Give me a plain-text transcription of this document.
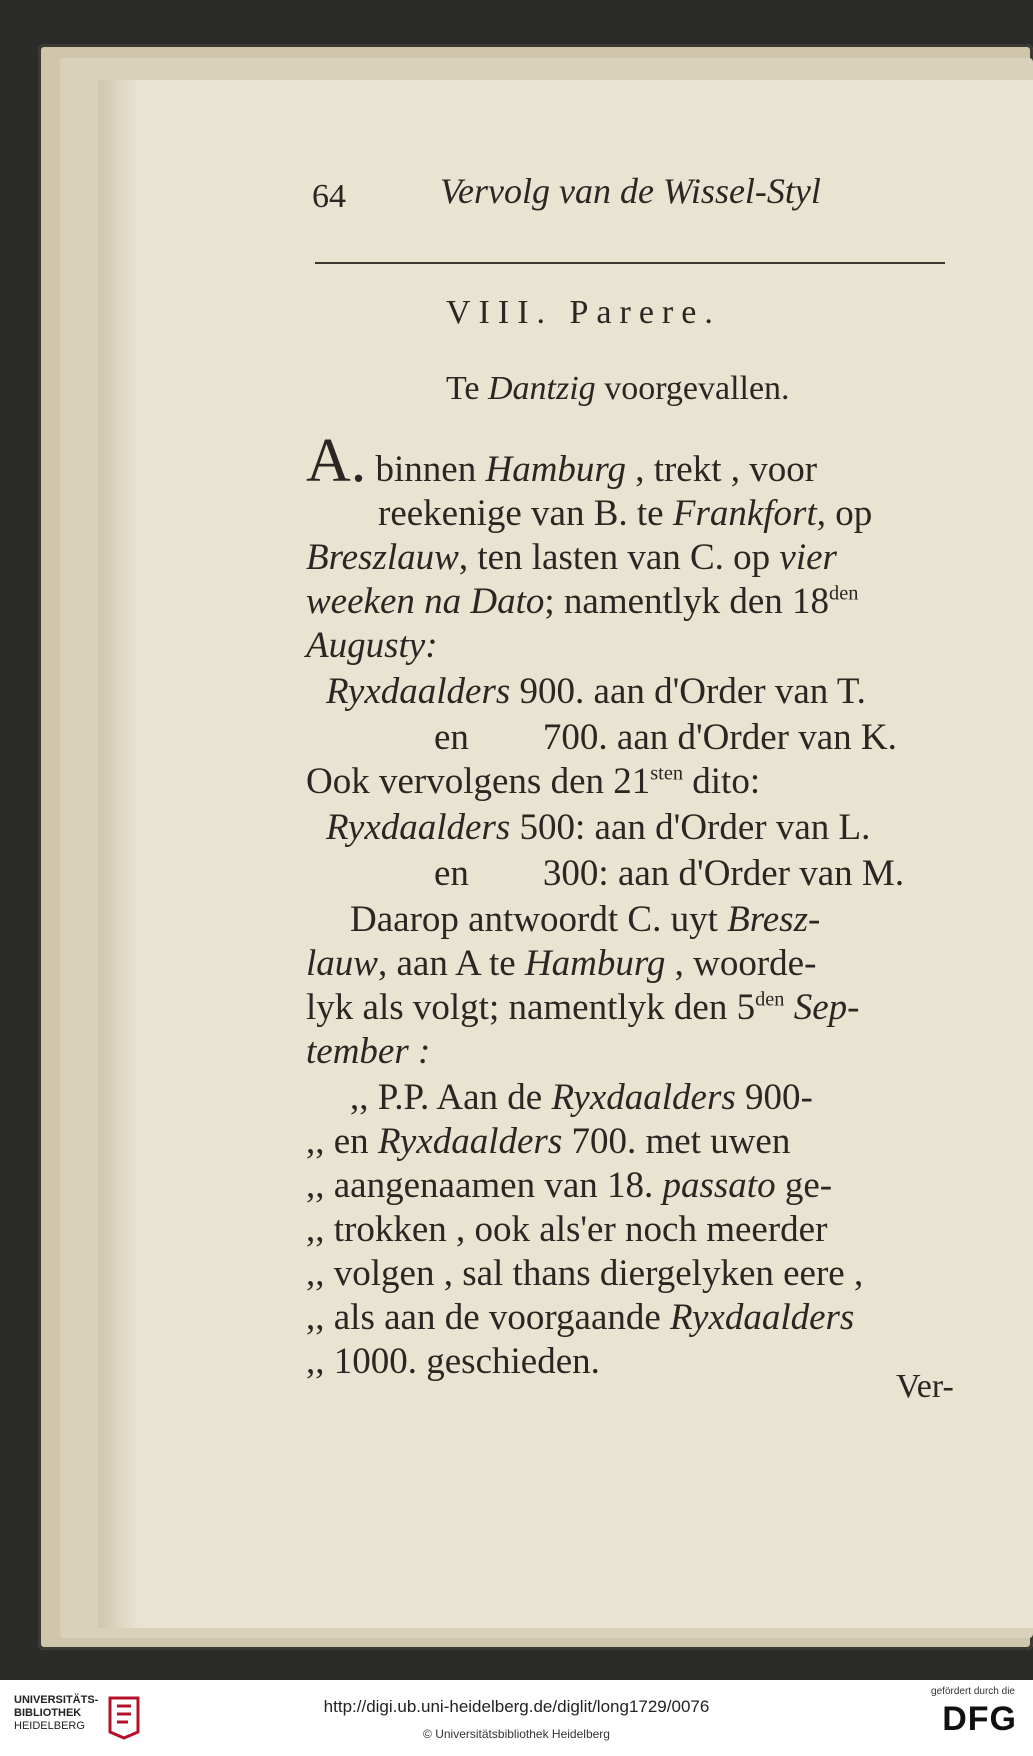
64	Vervolg van de Wissel-Styl
VIII. Parere.
Te Dantzig voorgevallen.
A. binnen Hamburg , trekt , voor
reekenige van B. te Frankfort, op
Breszlauw, ten lasten van C. op vier
weeken na Dato; namentlyk den $18^{den}$
Augusty:
Ryxdaalders 900. aan d'Order van T.
en        700. aan d'Order van K.
Ook vervolgens den $21^{sten}$ dito:
Ryxdaalders 500: aan d'Order van L.
en        300: aan d'Order van M.
Daarop antwoordt C. uyt Bresz-
lauw, aan A te Hamburg , woorde-
lyk als volgt; namentlyk den $5^{den}$ Sep-
tember :
,, P.P. Aan de Ryxdaalders 900-
,, en Ryxdaalders 700. met uwen
,, aangenaamen van 18. passato ge-
,, trokken , ook als'er noch meerder
,, volgen , sal thans diergelyken eere ,
,, als aan de voorgaande Ryxdaalders
,, 1000. geschieden.
Ver-
UNIVERSITÄTS-
BIBLIOTHEK
HEIDELBERG
http://digi.ub.uni-heidelberg.de/diglit/long1729/0076
© Universitätsbibliothek Heidelberg
gefördert durch die
DFG
